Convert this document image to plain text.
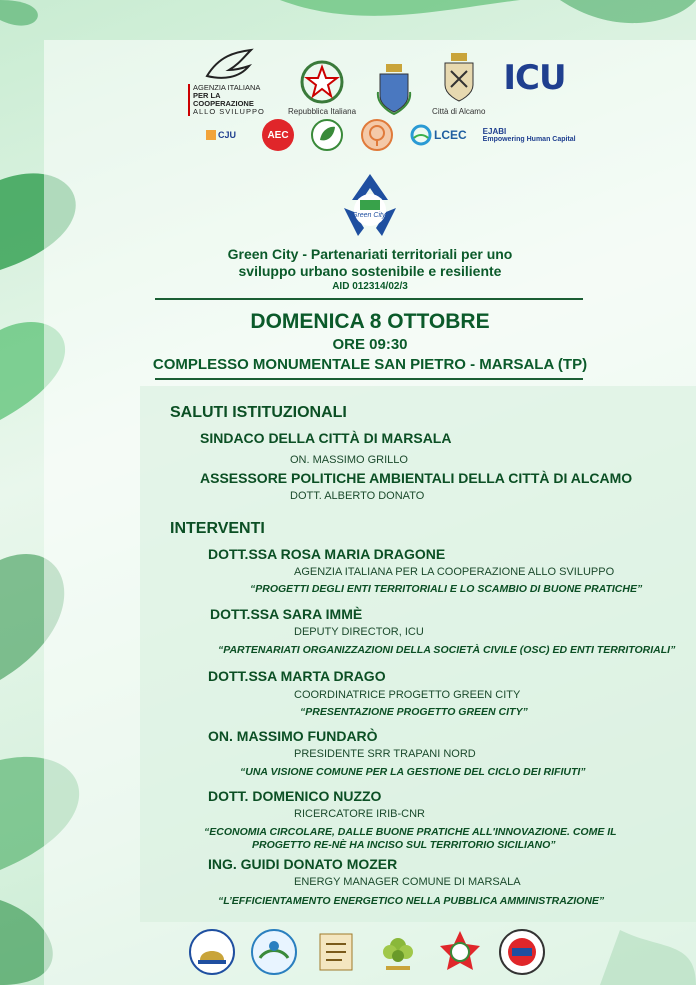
AGENZIA ITALIANA
PER LA COOPERAZIONE
ALLO SVILUPPO	Repubblica Italiana	Città di Alcamo
ICU
CJU	AEC	LCEC EJABI
Empowering Human Capital
Green City
Green City - Partenariati territoriali per uno
sviluppo urbano sostenibile e resiliente
AID 012314/02/3
DOMENICA 8 OTTOBRE
ORE 09:30
COMPLESSO MONUMENTALE SAN PIETRO - MARSALA (TP)
SALUTI ISTITUZIONALI
SINDACO DELLA CITTÀ DI MARSALA
ON. MASSIMO GRILLO
ASSESSORE POLITICHE AMBIENTALI DELLA CITTÀ DI ALCAMO
DOTT. ALBERTO DONATO
INTERVENTI
DOTT.SSA ROSA MARIA DRAGONE
AGENZIA ITALIANA PER LA COOPERAZIONE ALLO SVILUPPO
“PROGETTI DEGLI ENTI TERRITORIALI E LO SCAMBIO DI BUONE PRATICHE”
DOTT.SSA SARA IMMÈ
DEPUTY DIRECTOR, ICU
“PARTENARIATI ORGANIZZAZIONI DELLA SOCIETÀ CIVILE (OSC) ED ENTI TERRITORIALI”
DOTT.SSA MARTA DRAGO
COORDINATRICE PROGETTO GREEN CITY
“PRESENTAZIONE PROGETTO GREEN CITY”
ON. MASSIMO FUNDARÒ
PRESIDENTE SRR TRAPANI NORD
“UNA VISIONE COMUNE PER LA GESTIONE DEL CICLO DEI RIFIUTI”
DOTT. DOMENICO NUZZO
RICERCATORE IRIB-CNR
“ECONOMIA CIRCOLARE, DALLE BUONE PRATICHE ALL'INNOVAZIONE. COME IL
PROGETTO RE-NÈ HA INCISO SUL TERRITORIO SICILIANO”
ING. GUIDI DONATO MOZER
ENERGY MANAGER COMUNE DI MARSALA
“L’EFFICIENTAMENTO ENERGETICO NELLA PUBBLICA AMMINISTRAZIONE”
